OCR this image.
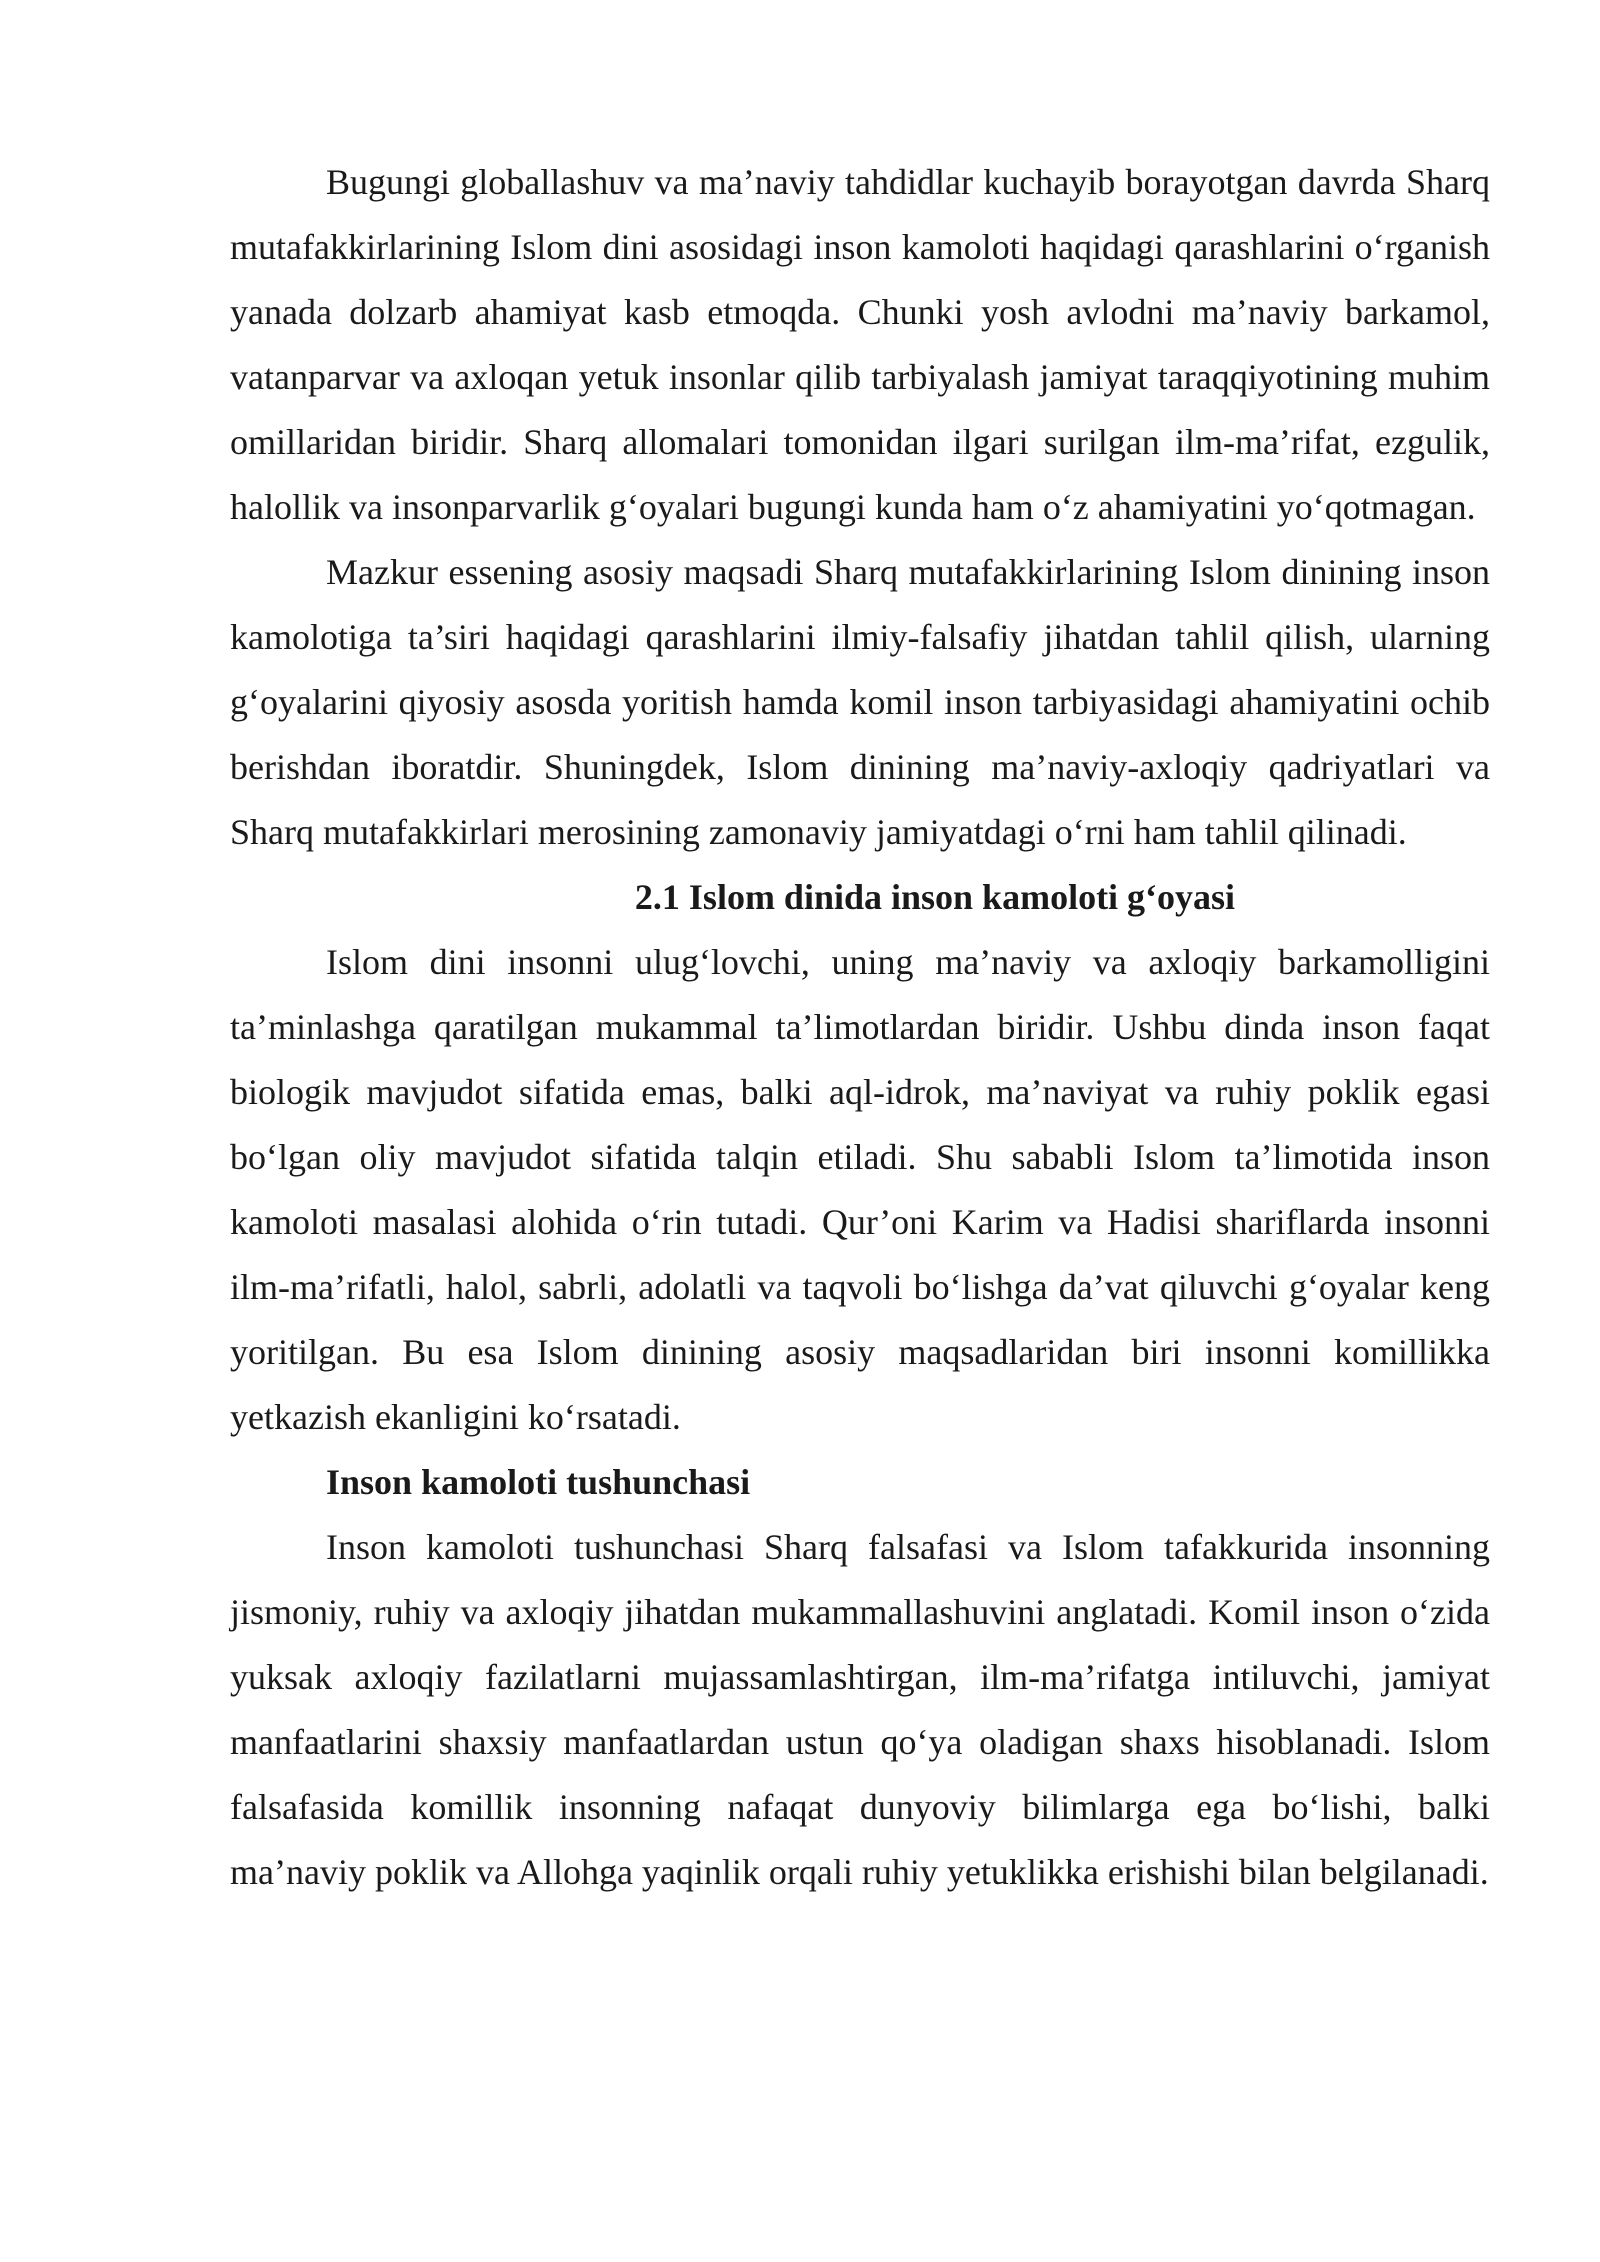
Bugungi globallashuv va ma’naviy tahdidlar kuchayib borayotgan davrda Sharq mutafakkirlarining Islom dini asosidagi inson kamoloti haqidagi qarashlarini o‘rganish yanada dolzarb ahamiyat kasb etmoqda. Chunki yosh avlodni ma’naviy barkamol, vatanparvar va axloqan yetuk insonlar qilib tarbiyalash jamiyat taraqqiyotining muhim omillaridan biridir. Sharq allomalari tomonidan ilgari surilgan ilm-ma’rifat, ezgulik, halollik va insonparvarlik g‘oyalari bugungi kunda ham o‘z ahamiyatini yo‘qotmagan.

Mazkur essening asosiy maqsadi Sharq mutafakkirlarining Islom dinining inson kamolotiga ta’siri haqidagi qarashlarini ilmiy-falsafiy jihatdan tahlil qilish, ularning g‘oyalarini qiyosiy asosda yoritish hamda komil inson tarbiyasidagi ahamiyatini ochib berishdan iboratdir. Shuningdek, Islom dinining ma’naviy-axloqiy qadriyatlari va Sharq mutafakkirlari merosining zamonaviy jamiyatdagi o‘rni ham tahlil qilinadi.

2.1 Islom dinida inson kamoloti g‘oyasi

Islom dini insonni ulug‘lovchi, uning ma’naviy va axloqiy barkamolligini ta’minlashga qaratilgan mukammal ta’limotlardan biridir. Ushbu dinda inson faqat biologik mavjudot sifatida emas, balki aql-idrok, ma’naviyat va ruhiy poklik egasi bo‘lgan oliy mavjudot sifatida talqin etiladi. Shu sababli Islom ta’limotida inson kamoloti masalasi alohida o‘rin tutadi. Qur’oni Karim va Hadisi shariflarda insonni ilm-ma’rifatli, halol, sabrli, adolatli va taqvoli bo‘lishga da’vat qiluvchi g‘oyalar keng yoritilgan. Bu esa Islom dinining asosiy maqsadlaridan biri insonni komillikka yetkazish ekanligini ko‘rsatadi.

Inson kamoloti tushunchasi

Inson kamoloti tushunchasi Sharq falsafasi va Islom tafakkurida insonning jismoniy, ruhiy va axloqiy jihatdan mukammallashuvini anglatadi. Komil inson o‘zida yuksak axloqiy fazilatlarni mujassamlashtirgan, ilm-ma’rifatga intiluvchi, jamiyat manfaatlarini shaxsiy manfaatlardan ustun qo‘ya oladigan shaxs hisoblanadi. Islom falsafasida komillik insonning nafaqat dunyoviy bilimlarga ega bo‘lishi, balki ma’naviy poklik va Allohga yaqinlik orqali ruhiy yetuklikka erishishi bilan belgilanadi.
